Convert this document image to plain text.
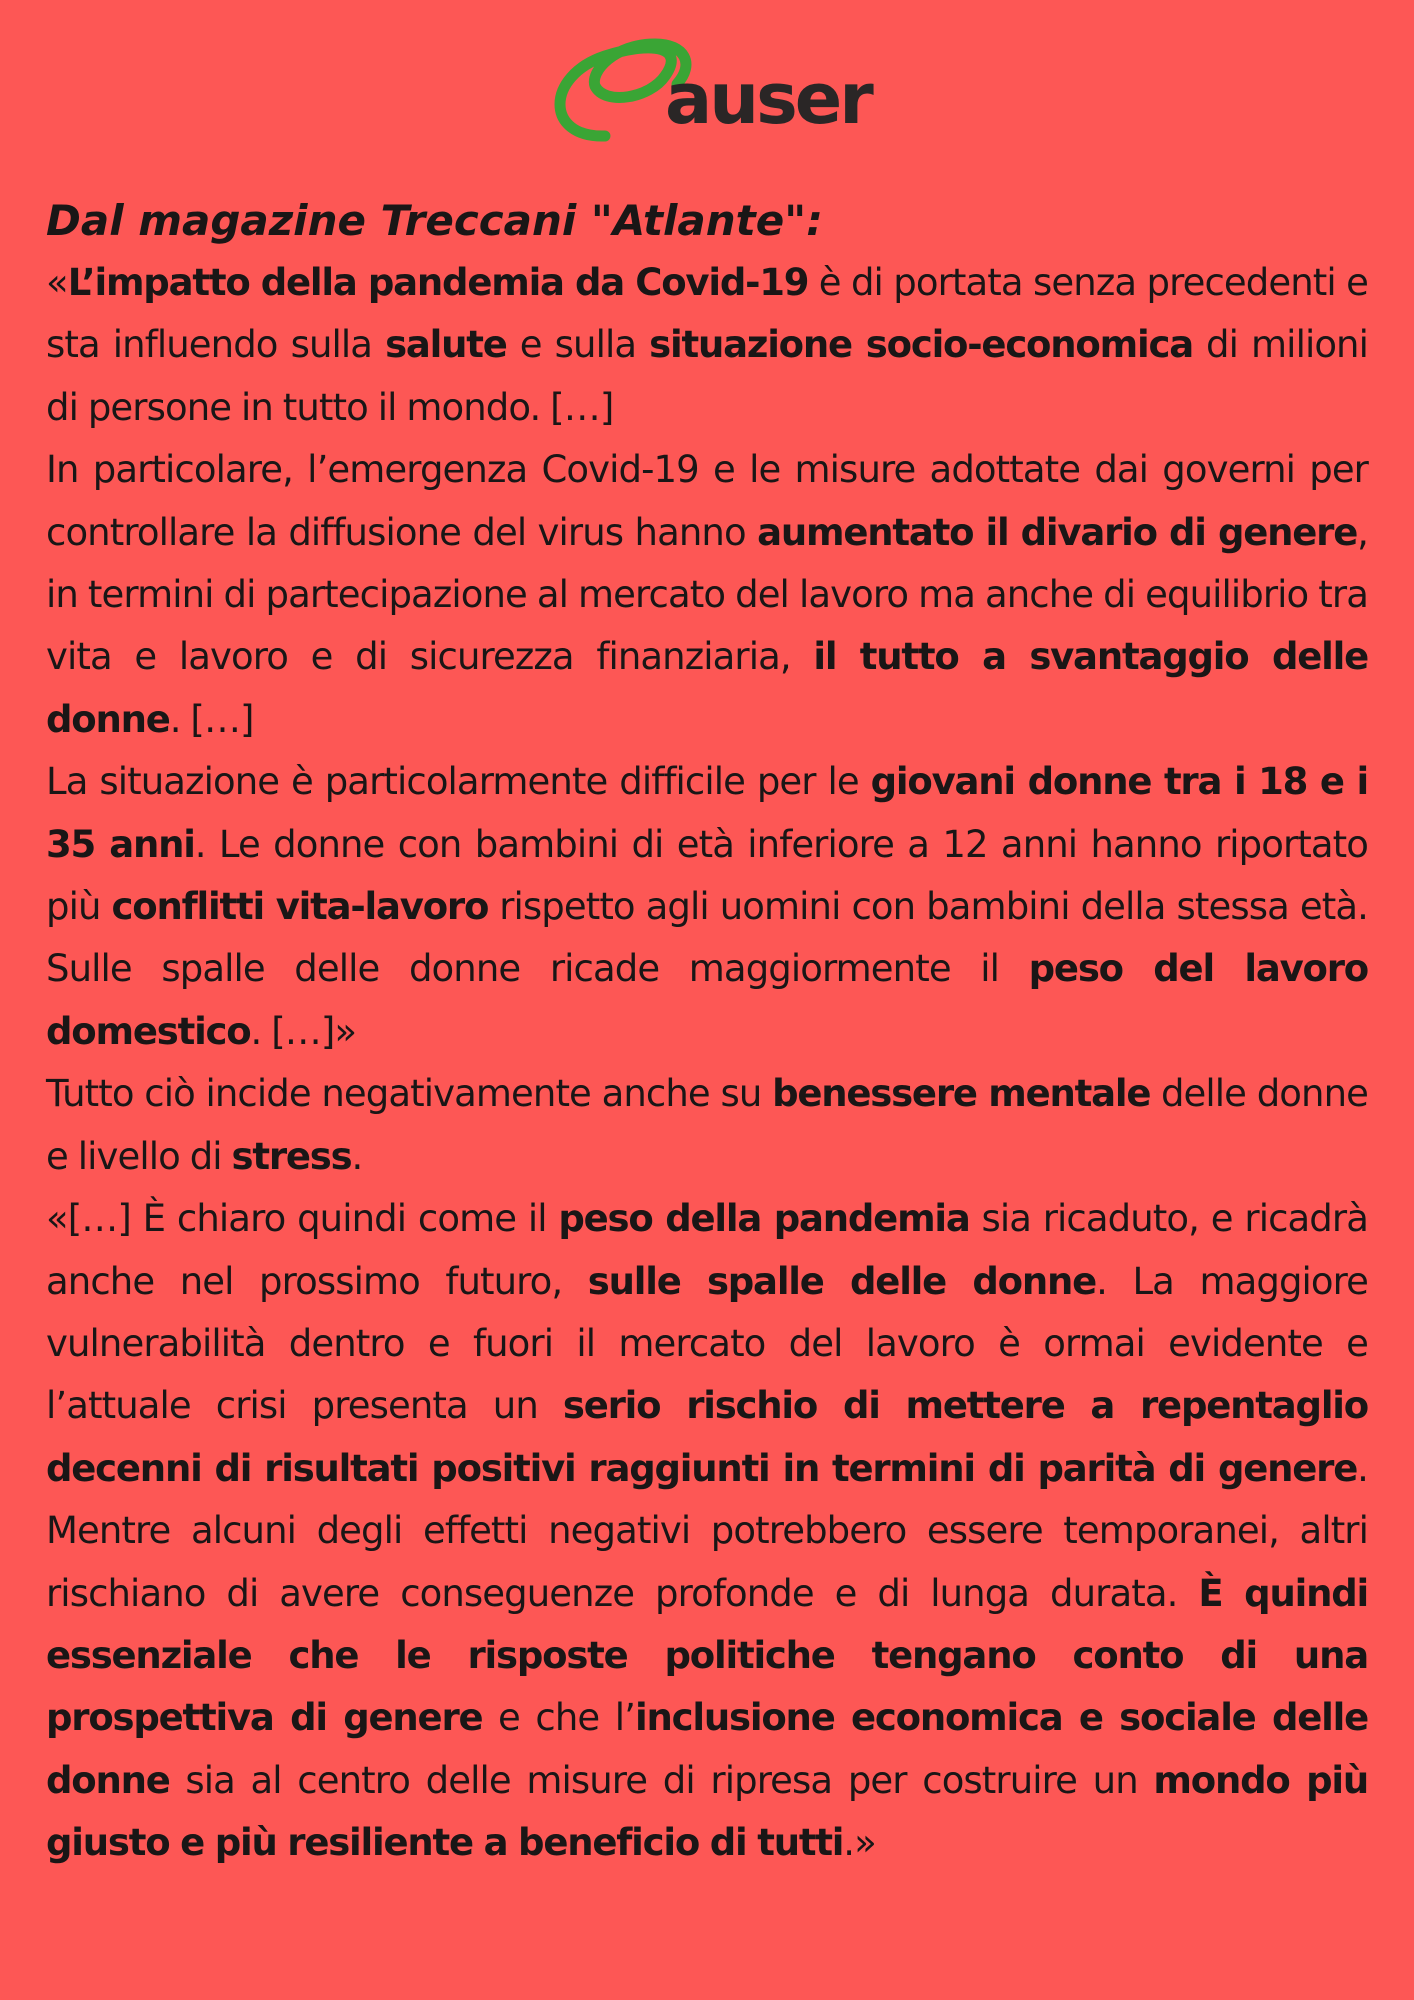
auser
Dal magazine Treccani "Atlante":

«L’impatto della pandemia da Covid-19 è di portata senza precedenti e sta influendo sulla salute e sulla situazione socio-economica di milioni di persone in tutto il mondo. […]

In particolare, l’emergenza Covid-19 e le misure adottate dai governi per controllare la diffusione del virus hanno aumentato il divario di genere, in termini di partecipazione al mercato del lavoro ma anche di equilibrio tra vita e lavoro e di sicurezza finanziaria, il tutto a svantaggio delle donne. […]

La situazione è particolarmente difficile per le giovani donne tra i 18 e i 35 anni. Le donne con bambini di età inferiore a 12 anni hanno riportato più conflitti vita-lavoro rispetto agli uomini con bambini della stessa età. Sulle spalle delle donne ricade maggiormente il peso del lavoro domestico. […]»

Tutto ciò incide negativamente anche su benessere mentale delle donne e livello di stress.

«[…] È chiaro quindi come il peso della pandemia sia ricaduto, e ricadrà anche nel prossimo futuro, sulle spalle delle donne. La maggiore vulnerabilità dentro e fuori il mercato del lavoro è ormai evidente e l’attuale crisi presenta un serio rischio di mettere a repentaglio decenni di risultati positivi raggiunti in termini di parità di genere. Mentre alcuni degli effetti negativi potrebbero essere temporanei, altri rischiano di avere conseguenze profonde e di lunga durata. È quindi essenziale che le risposte politiche tengano conto di una prospettiva di genere e che l’inclusione economica e sociale delle donne sia al centro delle misure di ripresa per costruire un mondo più giusto e più resiliente a beneficio di tutti.»
